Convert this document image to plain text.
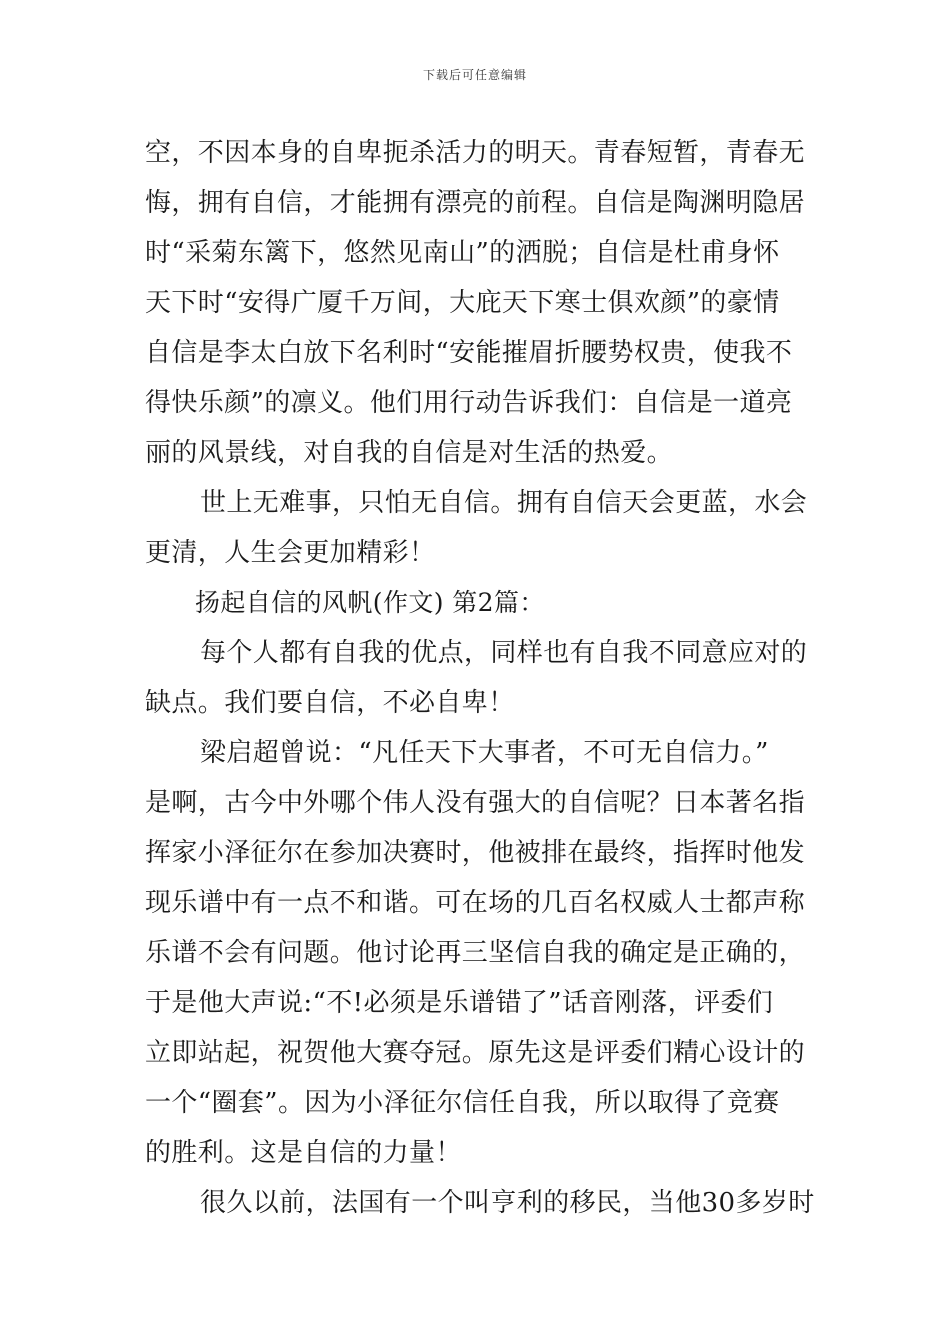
下载后可任意编辑
空，不因本身的自卑扼杀活力的明天。青春短暂，青春无
悔，拥有自信，才能拥有漂亮的前程。自信是陶渊明隐居
时“采菊东篱下，悠然见南山”的洒脱；自信是杜甫身怀
天下时“安得广厦千万间，大庇天下寒士俱欢颜”的豪情
自信是李太白放下名利时“安能摧眉折腰势权贵，使我不
得快乐颜”的凛义。他们用行动告诉我们：自信是一道亮
丽的风景线，对自我的自信是对生活的热爱。
世上无难事，只怕无自信。拥有自信天会更蓝，水会
更清，人生会更加精彩！
扬起自信的风帆(作文) 第2篇：
每个人都有自我的优点，同样也有自我不同意应对的
缺点。我们要自信，不必自卑！
梁启超曾说：“凡任天下大事者，不可无自信力。”
是啊，古今中外哪个伟人没有强大的自信呢？日本著名指
挥家小泽征尔在参加决赛时，他被排在最终，指挥时他发
现乐谱中有一点不和谐。可在场的几百名权威人士都声称
乐谱不会有问题。他讨论再三坚信自我的确定是正确的，
于是他大声说:“不!必须是乐谱错了”话音刚落，评委们
立即站起，祝贺他大赛夺冠。原先这是评委们精心设计的
一个“圈套”。因为小泽征尔信任自我，所以取得了竞赛
的胜利。这是自信的力量！
很久以前，法国有一个叫亨利的移民，当他30多岁时
